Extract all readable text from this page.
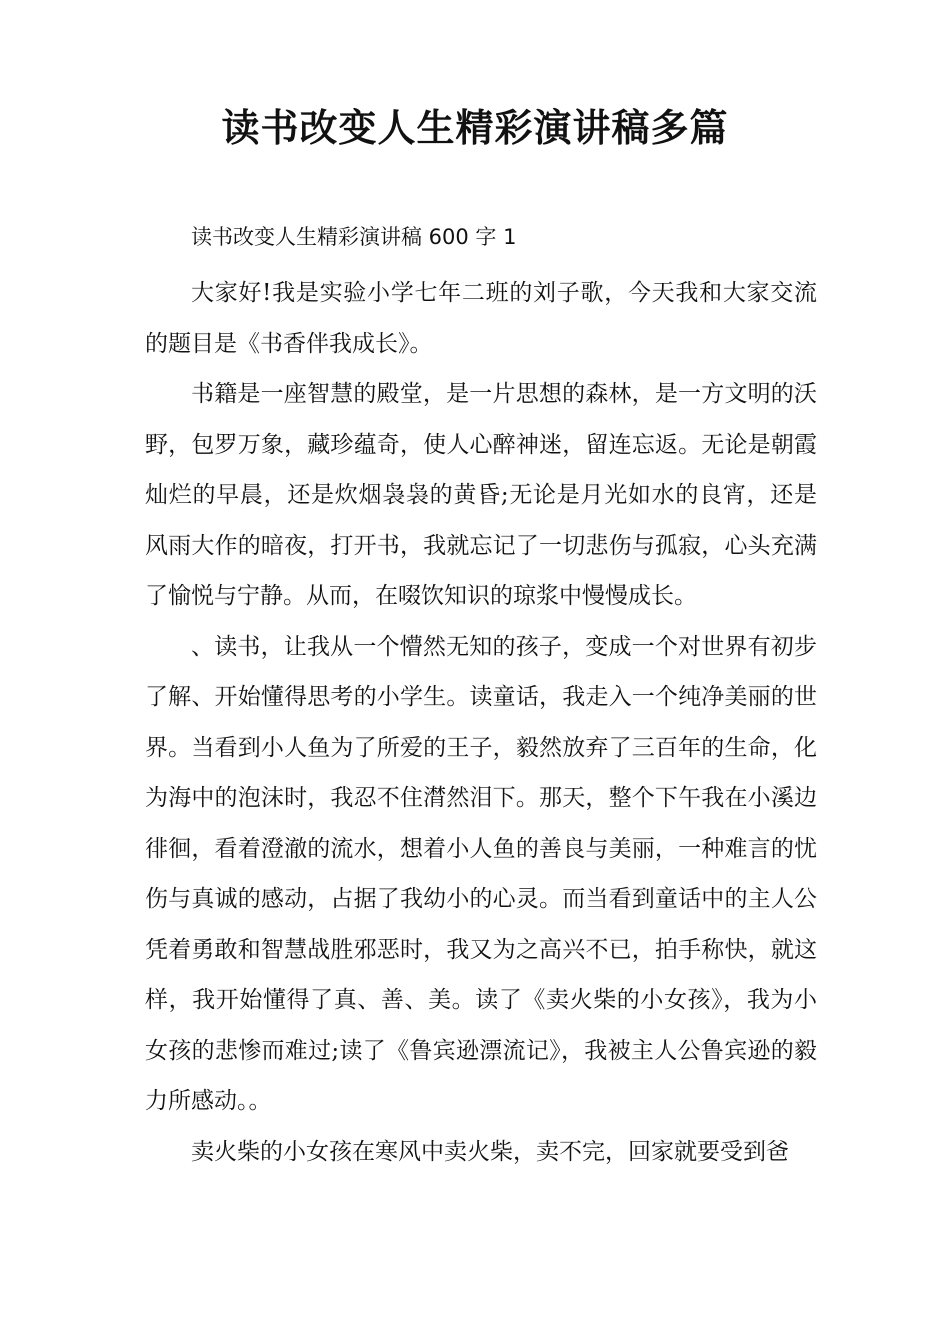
读书改变人生精彩演讲稿多篇

读书改变人生精彩演讲稿 600 字 1

大家好!我是实验小学七年二班的刘子歌，今天我和大家交流的题目是《书香伴我成长》。

书籍是一座智慧的殿堂，是一片思想的森林，是一方文明的沃野，包罗万象，藏珍蕴奇，使人心醉神迷，留连忘返。无论是朝霞灿烂的早晨，还是炊烟袅袅的黄昏;无论是月光如水的良宵，还是风雨大作的暗夜，打开书，我就忘记了一切悲伤与孤寂，心头充满了愉悦与宁静。从而，在啜饮知识的琼浆中慢慢成长。

、读书，让我从一个懵然无知的孩子，变成一个对世界有初步了解、开始懂得思考的小学生。读童话，我走入一个纯净美丽的世界。当看到小人鱼为了所爱的王子，毅然放弃了三百年的生命，化为海中的泡沫时，我忍不住潸然泪下。那天，整个下午我在小溪边徘徊，看着澄澈的流水，想着小人鱼的善良与美丽，一种难言的忧伤与真诚的感动，占据了我幼小的心灵。而当看到童话中的主人公凭着勇敢和智慧战胜邪恶时，我又为之高兴不已，拍手称快，就这样，我开始懂得了真、善、美。读了《卖火柴的小女孩》，我为小女孩的悲惨而难过;读了《鲁宾逊漂流记》，我被主人公鲁宾逊的毅力所感动。。

卖火柴的小女孩在寒风中卖火柴，卖不完，回家就要受到爸
